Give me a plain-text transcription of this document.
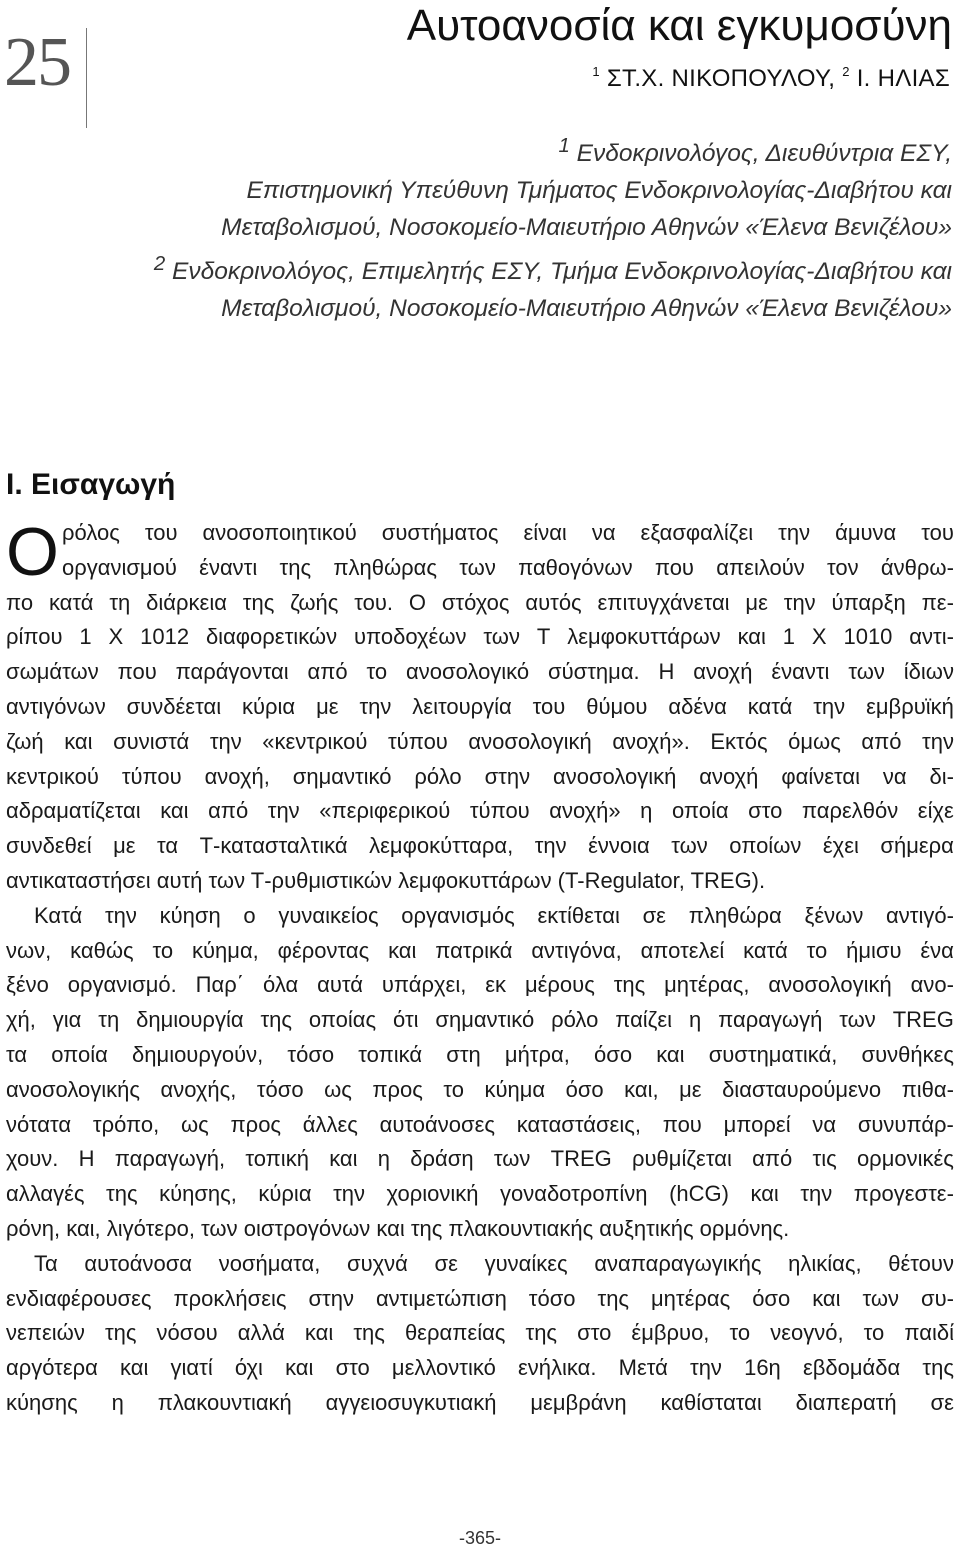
25	Αυτοανοσία και εγκυμοσύνη
$^1$ ΣΤ.Χ. ΝΙΚΟΠΟΥΛΟΥ, $^2$ Ι. ΗΛΙΑΣ
$^1$ Ενδοκρινολόγος, Διευθύντρια ΕΣΥ,
Επιστημονική Υπεύθυνη Τμήματος Ενδοκρινολογίας-Διαβήτου και
Μεταβολισμού, Νοσοκομείο-Μαιευτήριο Αθηνών «Έλενα Βενιζέλου»
$^2$ Ενδοκρινολόγος, Επιμελητής ΕΣΥ, Τμήμα Ενδοκρινολογίας-Διαβήτου και
Μεταβολισμού, Νοσοκομείο-Μαιευτήριο Αθηνών «Έλενα Βενιζέλου»
Ι. Εισαγωγή
Ο ρόλος του ανοσοποιητικού συστήματος είναι να εξασφαλίζει την άμυνα του
οργανισμού έναντι της πληθώρας των παθογόνων που απειλούν τον άνθρω-
πο κατά τη διάρκεια της ζωής του. Ο στόχος αυτός επιτυγχάνεται με την ύπαρξη πε-
ρίπου 1 Χ 1012 διαφορετικών υποδοχέων των Τ λεμφοκυττάρων και 1 Χ 1010 αντι-
σωμάτων που παράγονται από το ανοσολογικό σύστημα. Η ανοχή έναντι των ίδιων
αντιγόνων συνδέεται κύρια με την λειτουργία του θύμου αδένα κατά την εμβρυϊκή
ζωή και συνιστά την «κεντρικού τύπου ανοσολογική ανοχή». Εκτός όμως από την
κεντρικού τύπου ανοχή, σημαντικό ρόλο στην ανοσολογική ανοχή φαίνεται να δι-
αδραματίζεται και από την «περιφερικού τύπου ανοχή» η οποία στο παρελθόν είχε
συνδεθεί με τα Τ-κατασταλτικά λεμφοκύτταρα, την έννοια των οποίων έχει σήμερα
αντικαταστήσει αυτή των Τ-ρυθμιστικών λεμφοκυττάρων (T-Regulator, TREG).
Κατά την κύηση ο γυναικείος οργανισμός εκτίθεται σε πληθώρα ξένων αντιγό-
νων, καθώς το κύημα, φέροντας και πατρικά αντιγόνα, αποτελεί κατά το ήμισυ ένα
ξένο οργανισμό. Παρ΄ όλα αυτά υπάρχει, εκ μέρους της μητέρας, ανοσολογική ανο-
χή, για τη δημιουργία της οποίας ότι σημαντικό ρόλο παίζει η παραγωγή των TREG
τα οποία δημιουργούν, τόσο τοπικά στη μήτρα, όσο και συστηματικά, συνθήκες
ανοσολογικής ανοχής, τόσο ως προς το κύημα όσο και, με διασταυρούμενο πιθα-
νότατα τρόπο, ως προς άλλες αυτοάνοσες καταστάσεις, που μπορεί να συνυπάρ-
χουν. Η παραγωγή, τοπική και η δράση των TREG ρυθμίζεται από τις ορμονικές
αλλαγές της κύησης, κύρια την χοριονική γοναδοτροπίνη (hCG) και την προγεστε-
ρόνη, και, λιγότερο, των οιστρογόνων και της πλακουντιακής αυξητικής ορμόνης.
Τα αυτοάνοσα νοσήματα, συχνά σε γυναίκες αναπαραγωγικής ηλικίας, θέτουν
ενδιαφέρουσες προκλήσεις στην αντιμετώπιση τόσο της μητέρας όσο και των συ-
νεπειών της νόσου αλλά και της θεραπείας της στο έμβρυο, το νεογνό, το παιδί
αργότερα και γιατί όχι και στο μελλοντικό ενήλικα. Μετά την 16η εβδομάδα της
κύησης η πλακουντιακή αγγειοσυγκυτιακή μεμβράνη καθίσταται διαπερατή σε
-365-
